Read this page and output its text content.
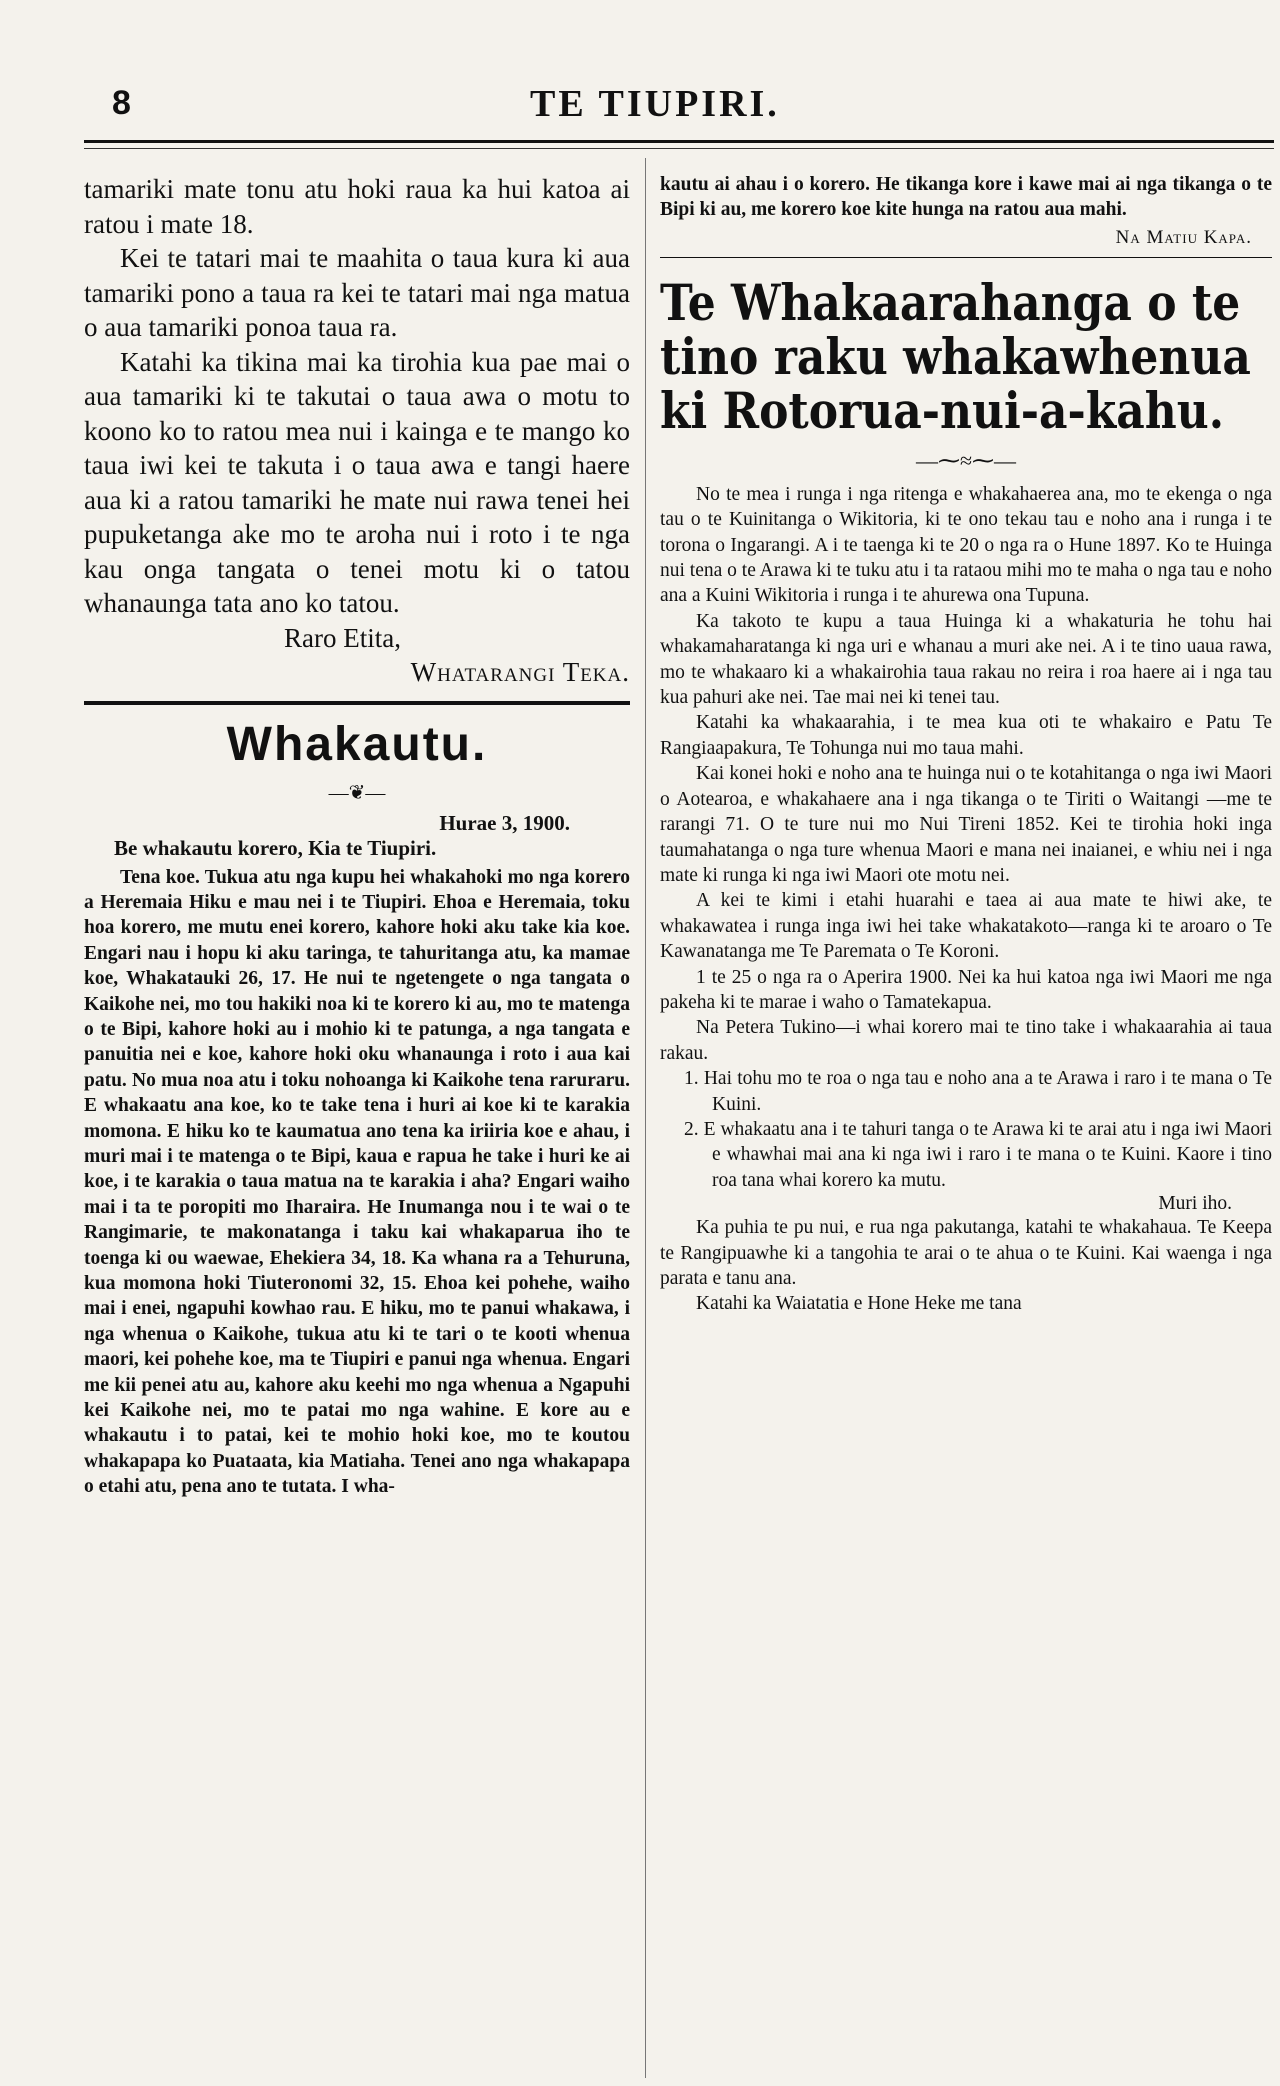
8	TE TIUPIRI.

tamariki mate tonu atu hoki raua ka hui katoa ai ratou i mate 18.

Kei te tatari mai te maahita o taua kura ki aua tamariki pono a taua ra kei te tatari mai nga matua o aua tamariki ponoa taua ra.

Katahi ka tikina mai ka tirohia kua pae mai o aua tamariki ki te takutai o taua awa o motu to koono ko to ratou mea nui i kainga e te mango ko taua iwi kei te takuta i o taua awa e tangi haere aua ki a ratou tamariki he mate nui rawa tenei hei pupuketanga ake mo te aroha nui i roto i te nga kau onga tangata o tenei motu ki o tatou whanaunga tata ano ko tatou.

Raro Etita,
Whatarangi Teka.
Whakautu.
—❦—
Hurae 3, 1900.
Be whakautu korero, Kia te Tiupiri.

Tena koe. Tukua atu nga kupu hei whakahoki mo nga korero a Heremaia Hiku e mau nei i te Tiupiri. Ehoa e Heremaia, toku hoa korero, me mutu enei korero, kahore hoki aku take kia koe. Engari nau i hopu ki aku taringa, te tahuritanga atu, ka mamae koe, Whakatauki 26, 17. He nui te ngetengete o nga tangata o Kaikohe nei, mo tou hakiki noa ki te korero ki au, mo te matenga o te Bipi, kahore hoki au i mohio ki te patunga, a nga tangata e panuitia nei e koe, kahore hoki oku whanaunga i roto i aua kai patu. No mua noa atu i toku nohoanga ki Kaikohe tena raruraru. E whakaatu ana koe, ko te take tena i huri ai koe ki te karakia momona. E hiku ko te kaumatua ano tena ka iriiria koe e ahau, i muri mai i te matenga o te Bipi, kaua e rapua he take i huri ke ai koe, i te karakia o taua matua na te karakia i aha? Engari waiho mai i ta te poropiti mo Iharaira. He Inumanga nou i te wai o te Rangimarie, te makonatanga i taku kai whakaparua iho te toenga ki ou waewae, Ehekiera 34, 18. Ka whana ra a Tehuruna, kua momona hoki Tiuteronomi 32, 15. Ehoa kei pohehe, waiho mai i enei, ngapuhi kowhao rau. E hiku, mo te panui whakawa, i nga whenua o Kaikohe, tukua atu ki te tari o te kooti whenua maori, kei pohehe koe, ma te Tiupiri e panui nga whenua. Engari me kii penei atu au, kahore aku keehi mo nga whenua a Ngapuhi kei Kaikohe nei, mo te patai mo nga wahine. E kore au e whakautu i to patai, kei te mohio hoki koe, mo te koutou whakapapa ko Puataata, kia Matiaha. Tenei ano nga whakapapa o etahi atu, pena ano te tutata. I wha-

kautu ai ahau i o korero. He tikanga kore i kawe mai ai nga tikanga o te Bipi ki au, me korero koe kite hunga na ratou aua mahi.

Na Matiu Kapa.
Te Whakaarahanga o te tino raku whakawhenua ki Rotorua-nui-a-kahu.
—⁓≈⁓—

No te mea i runga i nga ritenga e whakahaerea ana, mo te ekenga o nga tau o te Kuinitanga o Wikitoria, ki te ono tekau tau e noho ana i runga i te torona o Ingarangi. A i te taenga ki te 20 o nga ra o Hune 1897. Ko te Huinga nui tena o te Arawa ki te tuku atu i ta rataou mihi mo te maha o nga tau e noho ana a Kuini Wikitoria i runga i te ahurewa ona Tupuna.

Ka takoto te kupu a taua Huinga ki a whakaturia he tohu hai whakamaharatanga ki nga uri e whanau a muri ake nei. A i te tino uaua rawa, mo te whakaaro ki a whakairohia taua rakau no reira i roa haere ai i nga tau kua pahuri ake nei. Tae mai nei ki tenei tau.

Katahi ka whakaarahia, i te mea kua oti te whakairo e Patu Te Rangiaapakura, Te Tohunga nui mo taua mahi.

Kai konei hoki e noho ana te huinga nui o te kotahitanga o nga iwi Maori o Aotearoa, e whakahaere ana i nga tikanga o te Tiriti o Waitangi —me te rarangi 71. O te ture nui mo Nui Tireni 1852. Kei te tirohia hoki inga taumahatanga o nga ture whenua Maori e mana nei inaianei, e whiu nei i nga mate ki runga ki nga iwi Maori ote motu nei.

A kei te kimi i etahi huarahi e taea ai aua mate te hiwi ake, te whakawatea i runga inga iwi hei take whakatakoto—ranga ki te aroaro o Te Kawanatanga me Te Paremata o Te Koroni.

1 te 25 o nga ra o Aperira 1900. Nei ka hui katoa nga iwi Maori me nga pakeha ki te marae i waho o Tamatekapua.

Na Petera Tukino—i whai korero mai te tino take i whakaarahia ai taua rakau.

1. Hai tohu mo te roa o nga tau e noho ana a te Arawa i raro i te mana o Te Kuini.

2. E whakaatu ana i te tahuri tanga o te Arawa ki te arai atu i nga iwi Maori e whawhai mai ana ki nga iwi i raro i te mana o te Kuini. Kaore i tino roa tana whai korero ka mutu.

Muri iho.

Ka puhia te pu nui, e rua nga pakutanga, katahi te whakahaua. Te Keepa te Rangipuawhe ki a tangohia te arai o te ahua o te Kuini. Kai waenga i nga parata e tanu ana.

Katahi ka Waiatatia e Hone Heke me tana
